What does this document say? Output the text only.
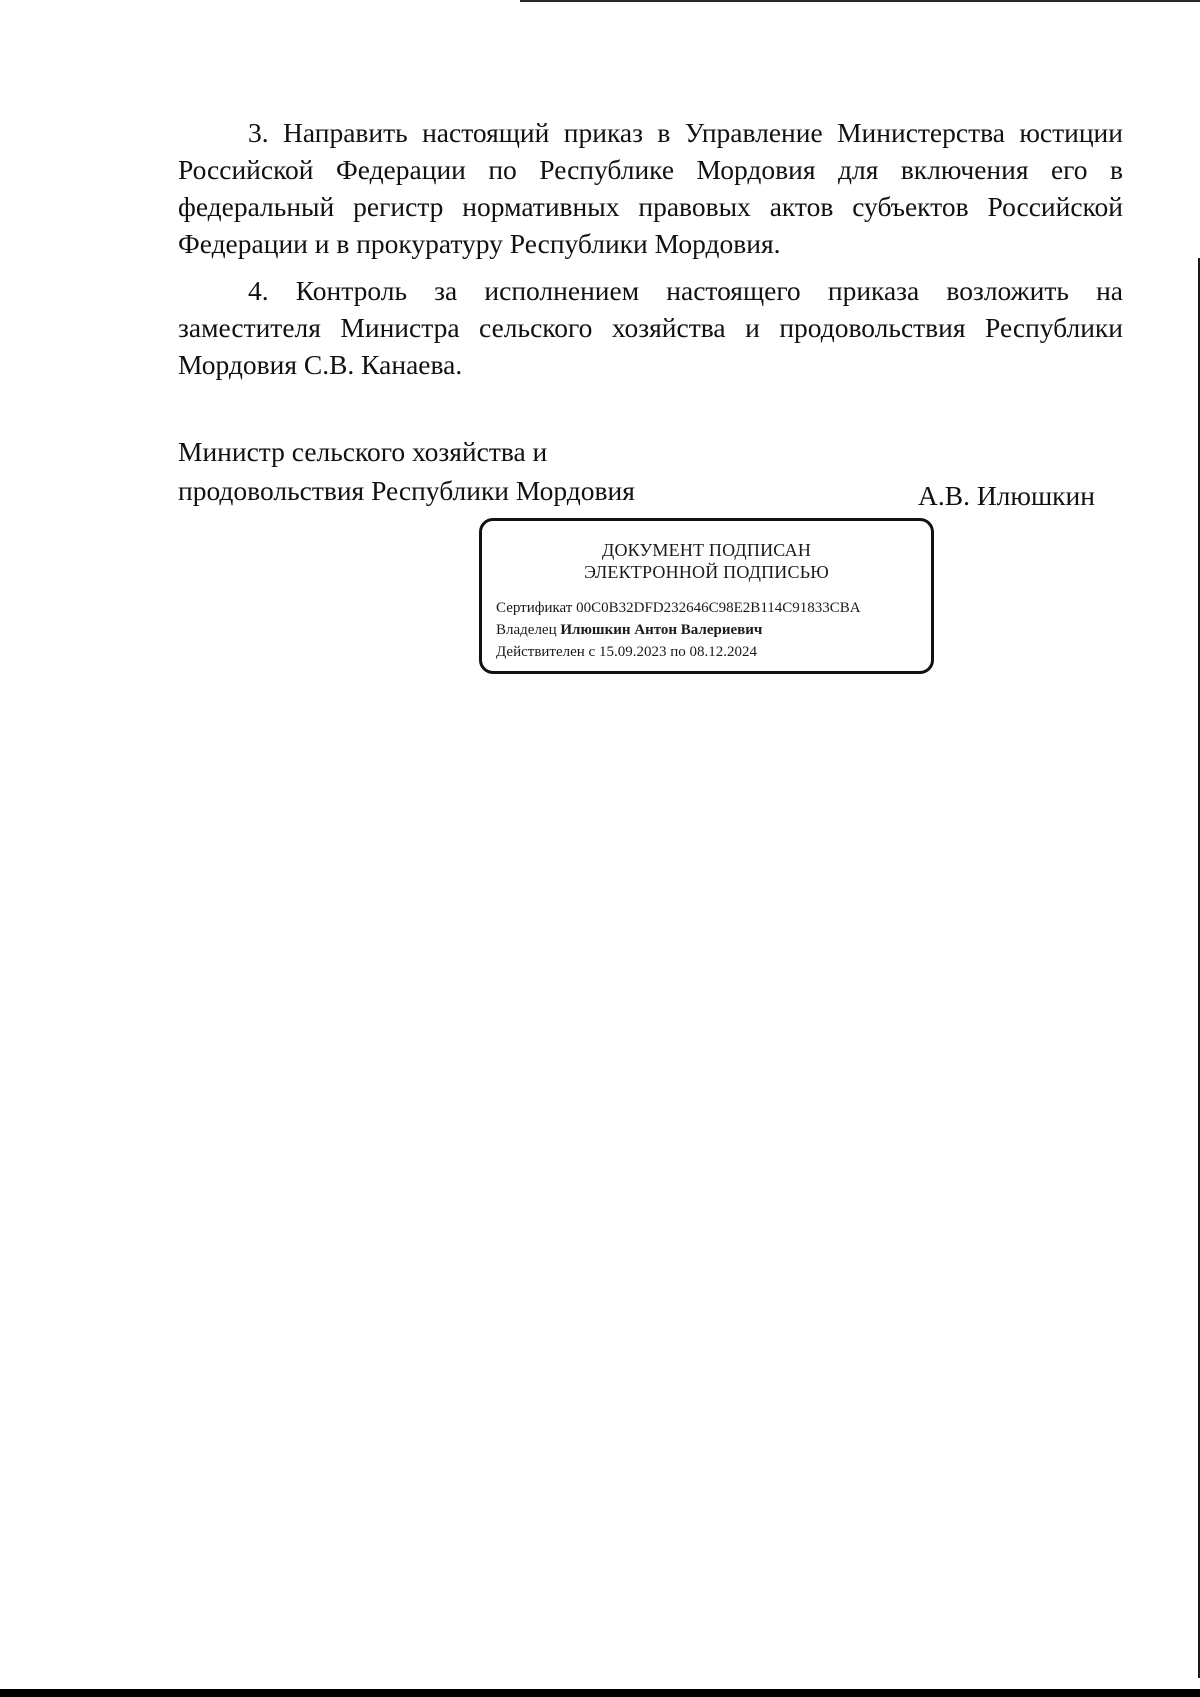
3. Направить настоящий приказ в Управление Министерства юстиции Российской Федерации по Республике Мордовия для включения его в федеральный регистр нормативных правовых актов субъектов Российской Федерации и в прокуратуру Республики Мордовия.

4. Контроль за исполнением настоящего приказа возложить на заместителя Министра сельского хозяйства и продовольствия Республики Мордовия С.В. Канаева.

Министр сельского хозяйства и
продовольствия Республики Мордовия	А.В. Илюшкин
ДОКУМЕНТ ПОДПИСАН
ЭЛЕКТРОННОЙ ПОДПИСЬЮ
Сертификат 00C0B32DFD232646C98E2B114C91833CBA
Владелец Илюшкин Антон Валериевич
Действителен с 15.09.2023 по 08.12.2024
